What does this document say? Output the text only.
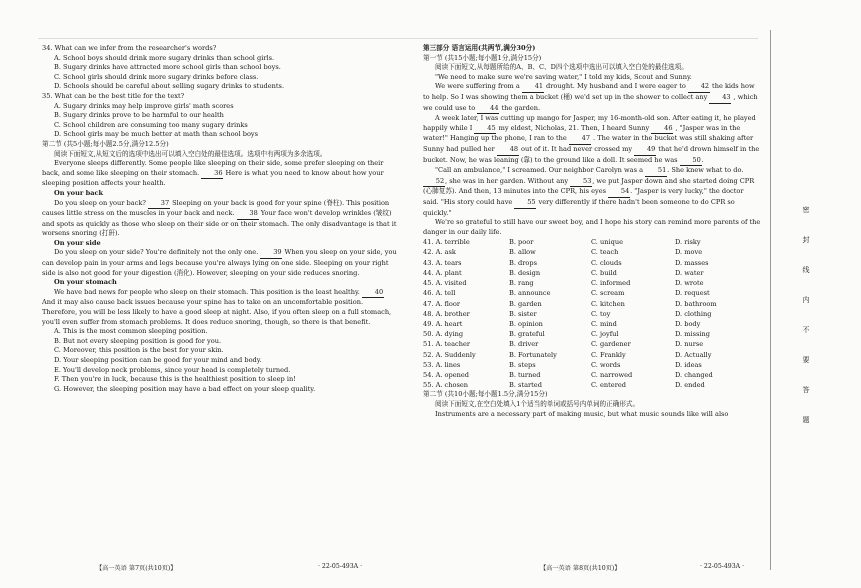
34. What can we infer from the researcher's words?

A. School boys should drink more sugary drinks than school girls.

B. Sugary drinks have attracted more school girls than school boys.

C. School girls should drink more sugary drinks before class.

D. Schools should be careful about selling sugary drinks to students.

35. What can be the best title for the text?

A. Sugary drinks may help improve girls' math scores

B. Sugary drinks prove to be harmful to our health

C. School children are consuming too many sugary drinks

D. School girls may be much better at math than school boys

第二节 (共5小题;每小题2.5分,满分12.5分)

阅读下面短文,从短文后的选项中选出可以填入空白处的最佳选项。选项中有两项为多余选项。

Everyone sleeps differently. Some people like sleeping on their side, some prefer sleeping on their back, and some like sleeping on their stomach. 36 Here is what you need to know about how your sleeping position affects your health.

On your back

Do you sleep on your back? 37 Sleeping on your back is good for your spine (脊柱). This position causes little stress on the muscles in your back and neck. 38 Your face won't develop wrinkles (皱纹) and spots as quickly as those who sleep on their side or on their stomach. The only disadvantage is that it worsens snoring (打鼾).

On your side

Do you sleep on your side? You're definitely not the only one. 39 When you sleep on your side, you can develop pain in your arms and legs because you're always lying on one side. Sleeping on your right side is also not good for your digestion (消化). However, sleeping on your side reduces snoring.

On your stomach

We have bad news for people who sleep on their stomach. This position is the least healthy. 40 And it may also cause back issues because your spine has to take on an uncomfortable position. Therefore, you will be less likely to have a good sleep at night. Also, if you often sleep on a full stomach, you'll even suffer from stomach problems. It does reduce snoring, though, so there is that benefit.

A. This is the most common sleeping position.

B. But not every sleeping position is good for you.

C. Moreover, this position is the best for your skin.

D. Your sleeping position can be good for your mind and body.

E. You'll develop neck problems, since your head is completely turned.

F. Then you're in luck, because this is the healthiest position to sleep in!

G. However, the sleeping position may have a bad effect on your sleep quality.

第三部分 语言运用(共两节,满分30分)

第一节 (共15小题;每小题1分,满分15分)

阅读下面短文,从每题所给的A、B、C、D四个选项中选出可以填入空白处的最佳选项。

"We need to make sure we're saving water," I told my kids, Scout and Sunny.

We were suffering from a 41 drought. My husband and I were eager to 42 the kids how to help. So I was showing them a bucket (桶) we'd set up in the shower to collect any 43 , which we could use to 44 the garden.

A week later, I was cutting up mango for Jasper, my 16-month-old son. After eating it, he played happily while I 45 my eldest, Nicholas, 21. Then, I heard Sunny 46 , "Jasper was in the water!" Hanging up the phone, I ran to the 47 . The water in the bucket was still shaking after Sunny had pulled her 48 out of it. It had never crossed my 49 that he'd drown himself in the bucket. Now, he was leaning (靠) to the ground like a doll. It seemed he was 50.

"Call an ambulance," I screamed. Our neighbor Carolyn was a 51. She knew what to do. 52, she was in her garden. Without any 53, we put Jasper down and she started doing CPR (心肺复苏). And then, 13 minutes into the CPR, his eyes 54. "Jasper is very lucky," the doctor said. "His story could have 55 very differently if there hadn't been someone to do CPR so quickly."

We're so grateful to still have our sweet boy, and I hope his story can remind more parents of the danger in our daily life.

41. A. terrible	B. poor	C. unique	D. risky
42. A. ask	B. allow	C. teach	D. move
43. A. tears	B. drops	C. clouds	D. masses
44. A. plant	B. design	C. build	D. water
45. A. visited	B. rang	C. informed	D. wrote
46. A. tell	B. announce	C. scream	D. request
47. A. floor	B. garden	C. kitchen	D. bathroom
48. A. brother	B. sister	C. toy	D. clothing
49. A. heart	B. opinion	C. mind	D. body
50. A. dying	B. grateful	C. joyful	D. missing
51. A. teacher	B. driver	C. gardener	D. nurse
52. A. Suddenly	B. Fortunately	C. Frankly	D. Actually
53. A. lines	B. steps	C. words	D. ideas
54. A. opened	B. turned	C. narrowed	D. changed
55. A. chosen	B. started	C. entered	D. ended

第二节 (共10小题;每小题1.5分,满分15分)

阅读下面短文,在空白处填入1个适当的单词或括号内单词的正确形式。

Instruments are a necessary part of making music, but what music sounds like will also

【高一英语 第7页(共10页)】	· 22-05-493A ·	【高一英语 第8页(共10页)】	· 22-05-493A ·
密
封
线
内
不
要
答
题
